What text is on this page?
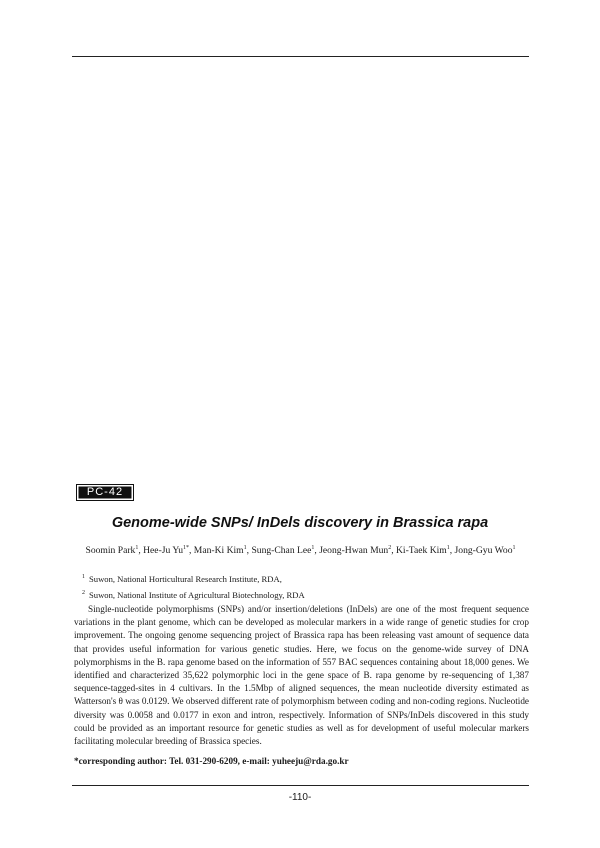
PC-42
Genome-wide SNPs/ InDels discovery in Brassica rapa
Soomin Park$^1$, Hee-Ju $Yu^{1*}$, Man-Ki Kim$^1$, Sung-Chan Lee$^1$, Jeong-Hwan Mun$^2$, Ki-Taek Kim$^1$, Jong-Gyu Woo$^1$
$^1$ Suwon, National Horticultural Research Institute, RDA,
$^2$ Suwon, National Institute of Agricultural Biotechnology, RDA

Single-nucleotide polymorphisms (SNPs) and/or insertion/deletions (InDels) are one of the most frequent sequence variations in the plant genome, which can be developed as molecular markers in a wide range of genetic studies for crop improvement. The ongoing genome sequencing project of Brassica rapa has been releasing vast amount of sequence data that provides useful information for various genetic studies. Here, we focus on the genome-wide survey of DNA polymorphisms in the B. rapa genome based on the information of 557 BAC sequences containing about 18,000 genes. We identified and characterized 35,622 polymorphic loci in the gene space of B. rapa genome by re-sequencing of 1,387 sequence-tagged-sites in 4 cultivars. In the 1.5Mbp of aligned sequences, the mean nucleotide diversity estimated as Watterson's θ was 0.0129. We observed different rate of polymorphism between coding and non-coding regions. Nucleotide diversity was 0.0058 and 0.0177 in exon and intron, respectively. Information of SNPs/InDels discovered in this study could be provided as an important resource for genetic studies as well as for development of useful molecular markers facilitating molecular breeding of Brassica species.

*corresponding author: Tel. 031-290-6209, e-mail: yuheeju@rda.go.kr
-110-
